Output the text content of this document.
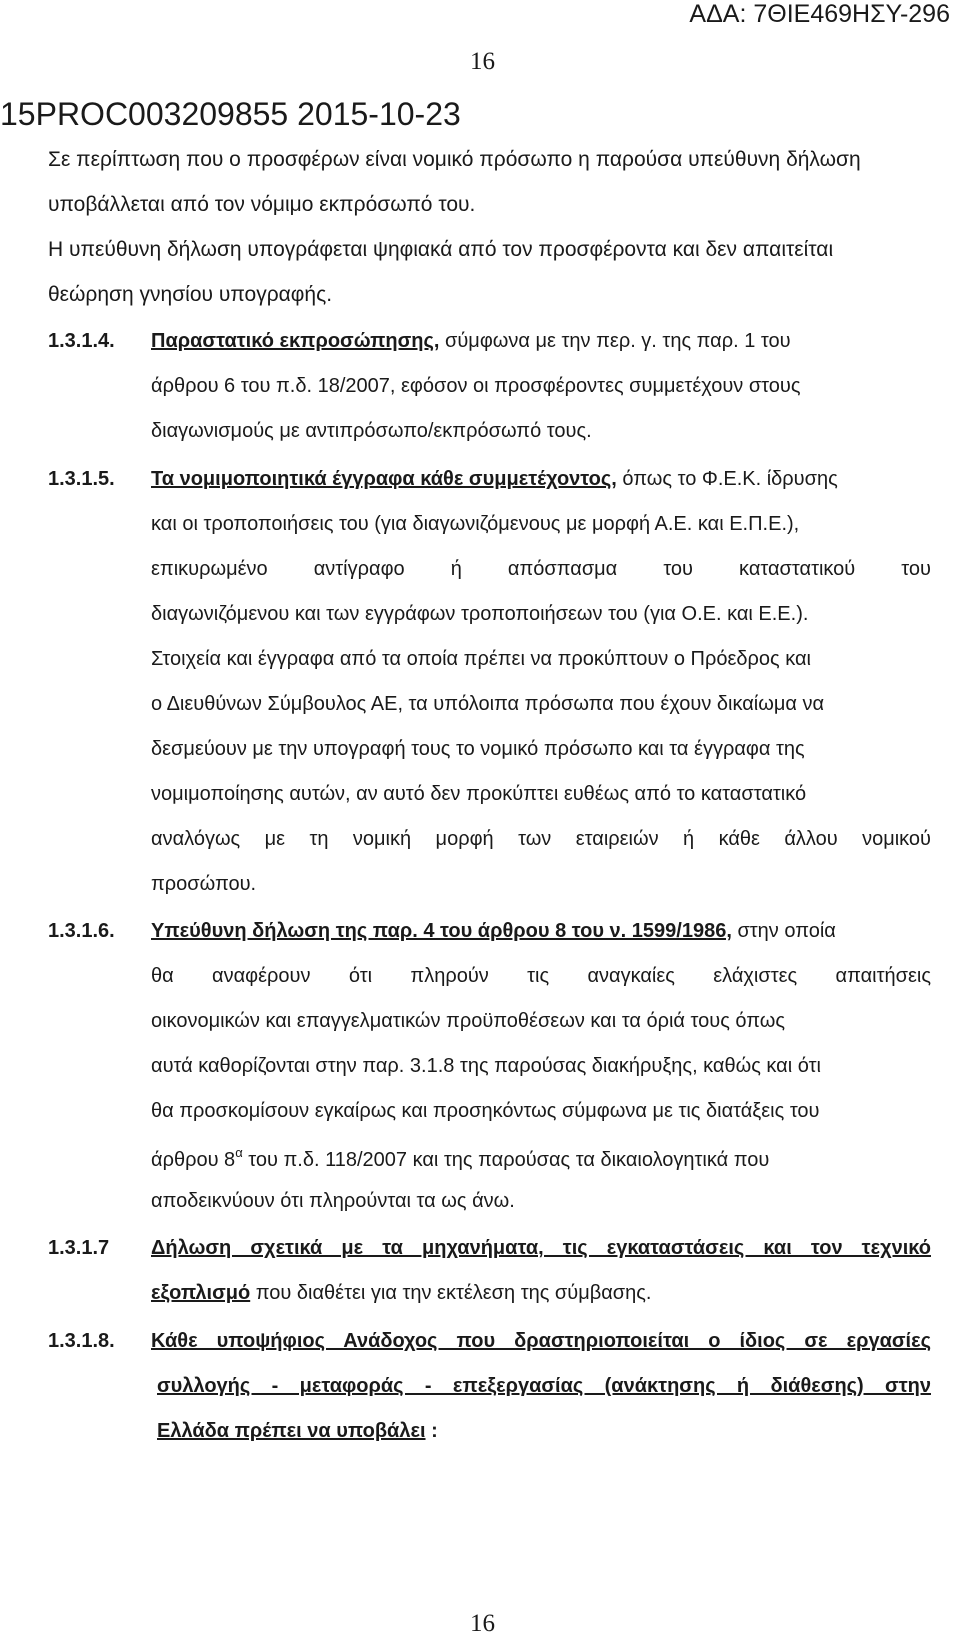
ΑΔΑ: 7ΘΙΕ469ΗΣΥ-296
16
15PROC003209855 2015-10-23
Σε περίπτωση που ο προσφέρων είναι νομικό πρόσωπο η παρούσα υπεύθυνη δήλωση
υποβάλλεται από τον νόμιμο εκπρόσωπό του.
Η υπεύθυνη δήλωση υπογράφεται ψηφιακά από τον προσφέροντα και δεν απαιτείται
θεώρηση γνησίου υπογραφής.
1.3.1.4. Παραστατικό εκπροσώπησης, σύμφωνα με την περ. γ. της παρ. 1 του
άρθρου 6 του π.δ. 18/2007, εφόσον οι προσφέροντες συμμετέχουν στους
διαγωνισμούς με αντιπρόσωπο/εκπρόσωπό τους.
1.3.1.5. Τα νομιμοποιητικά έγγραφα κάθε συμμετέχοντος, όπως το Φ.Ε.Κ. ίδρυσης
και οι τροποποιήσεις του (για διαγωνιζόμενους με μορφή Α.Ε. και Ε.Π.Ε.),
επικυρωμένο αντίγραφο ή απόσπασμα του καταστατικού του
διαγωνιζόμενου και των εγγράφων τροποποιήσεων του (για Ο.Ε. και Ε.Ε.).
Στοιχεία και έγγραφα από τα οποία πρέπει να προκύπτουν ο Πρόεδρος και
ο Διευθύνων Σύμβουλος ΑΕ, τα υπόλοιπα πρόσωπα που έχουν δικαίωμα να
δεσμεύουν με την υπογραφή τους το νομικό πρόσωπο και τα έγγραφα της
νομιμοποίησης αυτών, αν αυτό δεν προκύπτει ευθέως από το καταστατικό
αναλόγως με τη νομική μορφή των εταιρειών ή κάθε άλλου νομικού
προσώπου.
1.3.1.6. Υπεύθυνη δήλωση της παρ. 4 του άρθρου 8 του ν. 1599/1986, στην οποία
θα αναφέρουν ότι πληρούν τις αναγκαίες ελάχιστες απαιτήσεις
οικονομικών και επαγγελματικών προϋποθέσεων και τα όριά τους όπως
αυτά καθορίζονται στην παρ. 3.1.8 της παρούσας διακήρυξης, καθώς και ότι
θα προσκομίσουν εγκαίρως και προσηκόντως σύμφωνα με τις διατάξεις του
άρθρου $8^\alpha$ του π.δ. 118/2007 και της παρούσας τα δικαιολογητικά που
αποδεικνύουν ότι πληρούνται τα ως άνω.
1.3.1.7 Δήλωση σχετικά με τα μηχανήματα, τις εγκαταστάσεις και τον τεχνικό
εξοπλισμό που διαθέτει για την εκτέλεση της σύμβασης.
1.3.1.8. Κάθε υποψήφιος Ανάδοχος που δραστηριοποιείται ο ίδιος σε εργασίες
συλλογής - μεταφοράς - επεξεργασίας (ανάκτησης ή διάθεσης) στην
Ελλάδα πρέπει να υποβάλει :
16
